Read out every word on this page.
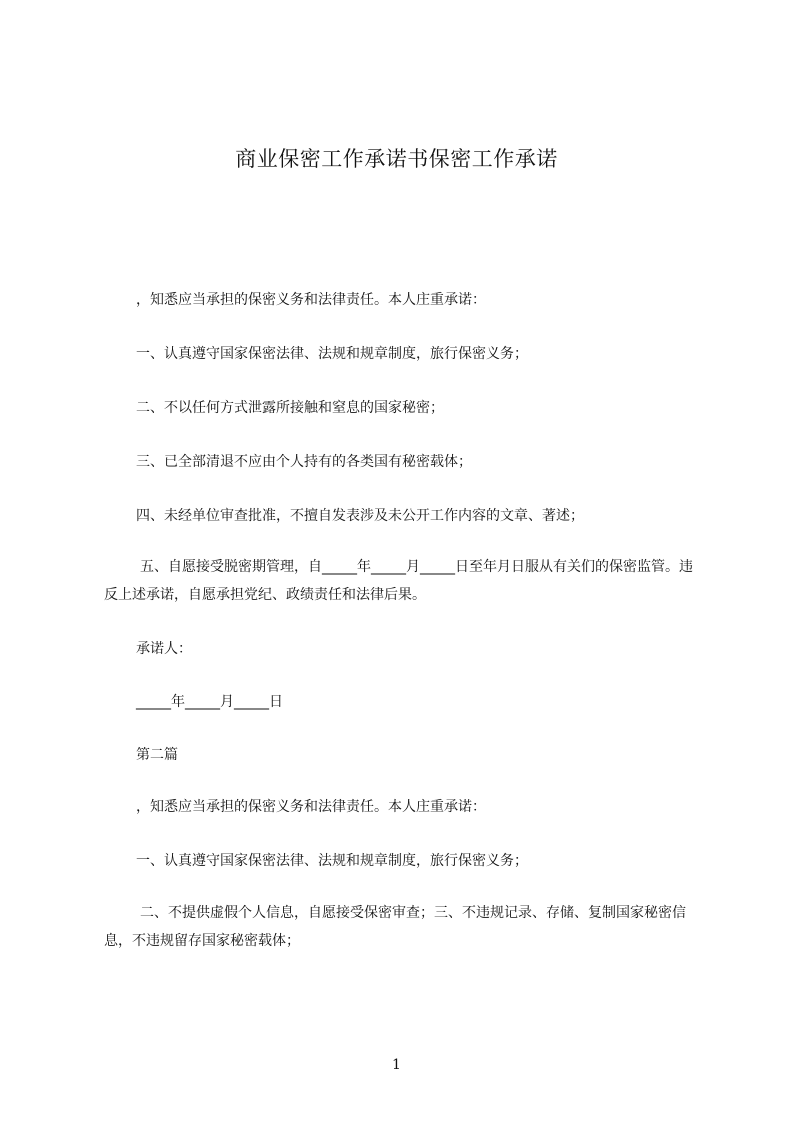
商业保密工作承诺书保密工作承诺
，知悉应当承担的保密义务和法律责任。本人庄重承诺：
一、认真遵守国家保密法律、法规和规章制度，旅行保密义务；
二、不以任何方式泄露所接触和窒息的国家秘密；
三、已全部清退不应由个人持有的各类国有秘密载体；
四、未经单位审查批准，不擅自发表涉及未公开工作内容的文章、著述；
五、自愿接受脱密期管理，自_____年_____月_____日至年月日服从有关们的保密监管。违反上述承诺，自愿承担党纪、政绩责任和法律后果。
承诺人：
_____年_____月_____日
第二篇
，知悉应当承担的保密义务和法律责任。本人庄重承诺：
一、认真遵守国家保密法律、法规和规章制度，旅行保密义务；
二、不提供虚假个人信息，自愿接受保密审查；三、不违规记录、存储、复制国家秘密信息，不违规留存国家秘密载体；
1
